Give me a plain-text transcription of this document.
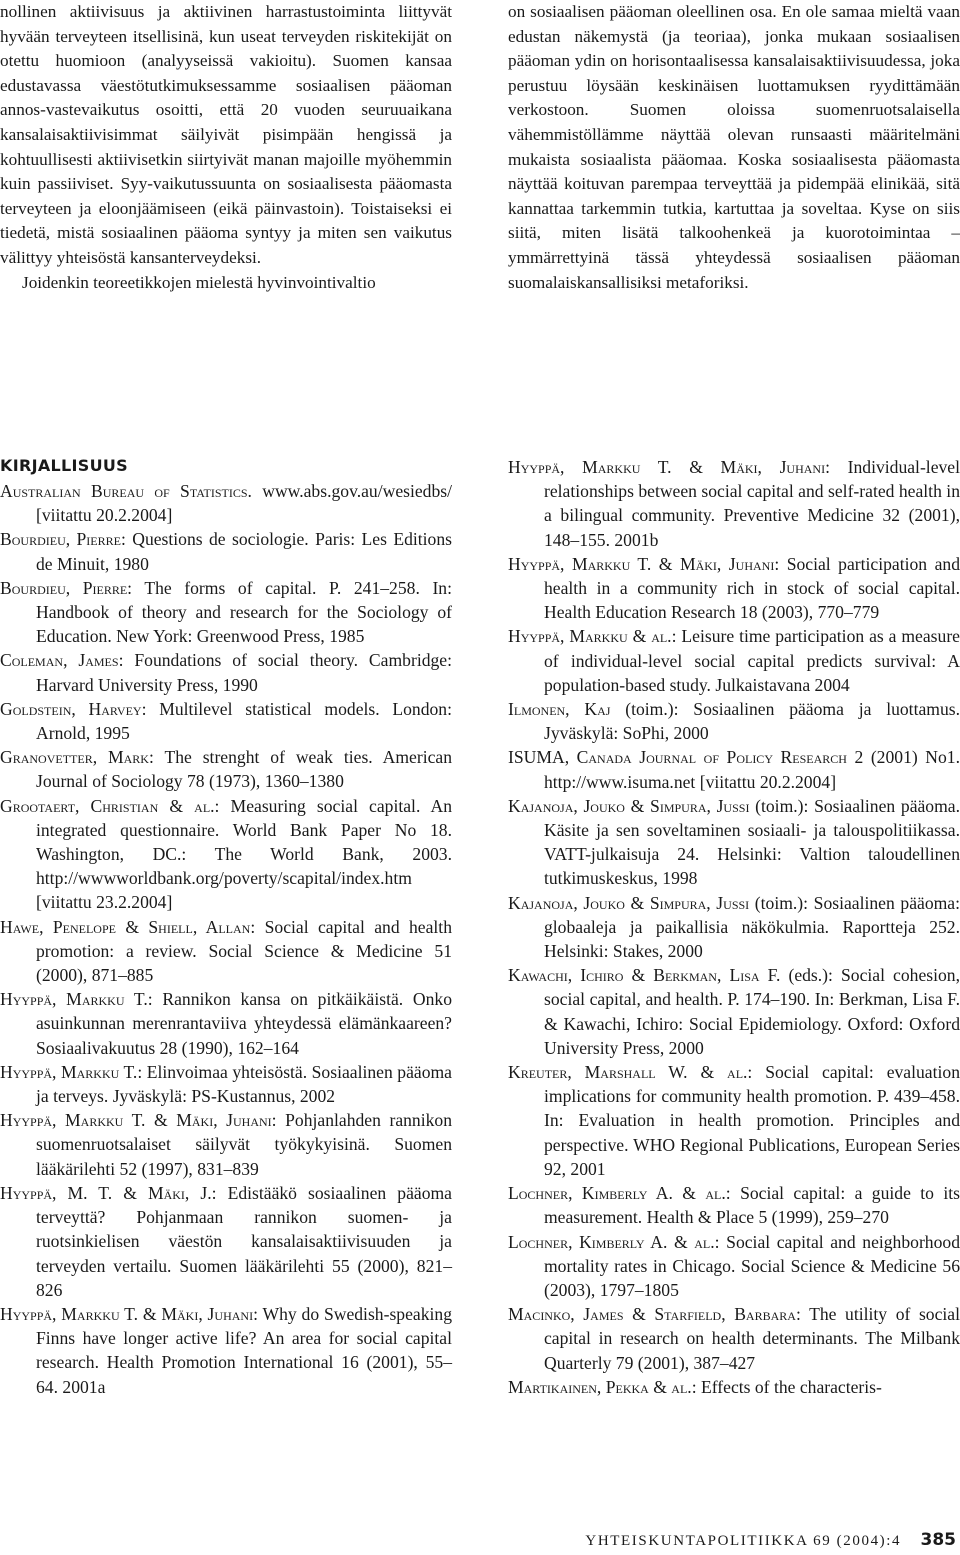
nollinen aktiivisuus ja aktiivinen harrastustoiminta liittyvät hyvään terveyteen itsellisinä, kun useat terveyden riskitekijät on otettu huomioon (analyyseissä vakioitu). Suomen kansaa edustavassa väestötutkimuksessamme sosiaalisen pääoman annos-vastevaikutus osoitti, että 20 vuoden seuruuaikana kansalaisaktiivisimmat säilyivät pisimpään hengissä ja kohtuullisesti aktiivisetkin siirtyivät manan majoille myöhemmin kuin passiiviset. Syy-vaikutussuunta on sosiaalisesta pääomasta terveyteen ja eloonjäämiseen (eikä päinvastoin). Toistaiseksi ei tiedetä, mistä sosiaalinen pääoma syntyy ja miten sen vaikutus välittyy yhteisöstä kansanterveydeksi.

Joidenkin teoreetikkojen mielestä hyvinvointivaltio

on sosiaalisen pääoman oleellinen osa. En ole samaa mieltä vaan edustan näkemystä (ja teoriaa), jonka mukaan sosiaalisen pääoman ydin on horisontaalisessa kansalaisaktiivisuudessa, joka perustuu löysään keskinäisen luottamuksen ryydittämään verkostoon. Suomen oloissa suomenruotsalaisella vähemmistöllämme näyttää olevan runsaasti määritelmäni mukaista sosiaalista pääomaa. Koska sosiaalisesta pääomasta näyttää koituvan parempaa terveyttää ja pidempää elinikää, sitä kannattaa tarkemmin tutkia, kartuttaa ja soveltaa. Kyse on siis siitä, miten lisätä talkoohenkeä ja kuorotoimintaa – ymmärrettyinä tässä yhteydessä sosiaalisen pääoman suomalaiskansallisiksi metaforiksi.

KIRJALLISUUS

Australian Bureau of Statistics. www.abs.gov.au/wesiedbs/ [viitattu 20.2.2004]

Bourdieu, Pierre: Questions de sociologie. Paris: Les Editions de Minuit, 1980

Bourdieu, Pierre: The forms of capital. P. 241–258. In: Handbook of theory and research for the Sociology of Education. New York: Greenwood Press, 1985

Coleman, James: Foundations of social theory. Cambridge: Harvard University Press, 1990

Goldstein, Harvey: Multilevel statistical models. London: Arnold, 1995

Granovetter, Mark: The strenght of weak ties. American Journal of Sociology 78 (1973), 1360–1380

Grootaert, Christian & al.: Measuring social capital. An integrated questionnaire. World Bank Paper No 18. Washington, DC.: The World Bank, 2003. http://wwwworldbank.org/poverty/scapital/index.htm [viitattu 23.2.2004]

Hawe, Penelope & Shiell, Allan: Social capital and health promotion: a review. Social Science & Medicine 51 (2000), 871–885

Hyyppä, Markku T.: Rannikon kansa on pitkäikäistä. Onko asuinkunnan merenrantaviiva yhteydessä elämänkaareen? Sosiaalivakuutus 28 (1990), 162–164

Hyyppä, Markku T.: Elinvoimaa yhteisöstä. Sosiaalinen pääoma ja terveys. Jyväskylä: PS-Kustannus, 2002

Hyyppä, Markku T. & Mäki, Juhani: Pohjanlahden rannikon suomenruotsalaiset säilyvät työkykyisinä. Suomen lääkärilehti 52 (1997), 831–839

Hyyppä, M. T. & Mäki, J.: Edistääkö sosiaalinen pääoma terveyttä? Pohjanmaan rannikon suomen- ja ruotsinkielisen väestön kansalaisaktiivisuuden ja terveyden vertailu. Suomen lääkärilehti 55 (2000), 821–826

Hyyppä, Markku T. & Mäki, Juhani: Why do Swedish-speaking Finns have longer active life? An area for social capital research. Health Promotion International 16 (2001), 55–64. 2001a

Hyyppä, Markku T. & Mäki, Juhani: Individual-level relationships between social capital and self-rated health in a bilingual community. Preventive Medicine 32 (2001), 148–155. 2001b

Hyyppä, Markku T. & Mäki, Juhani: Social participation and health in a community rich in stock of social capital. Health Education Research 18 (2003), 770–779

Hyyppä, Markku & al.: Leisure time participation as a measure of individual-level social capital predicts survival: A population-based study. Julkaistavana 2004

Ilmonen, Kaj (toim.): Sosiaalinen pääoma ja luottamus. Jyväskylä: SoPhi, 2000

ISUMA, Canada Journal of Policy Research 2 (2001) No1. http://www.isuma.net [viitattu 20.2.2004]

Kajanoja, Jouko & Simpura, Jussi (toim.): Sosiaalinen pääoma. Käsite ja sen soveltaminen sosiaali- ja talouspolitiikassa. VATT-julkaisuja 24. Helsinki: Valtion taloudellinen tutkimuskeskus, 1998

Kajanoja, Jouko & Simpura, Jussi (toim.): Sosiaalinen pääoma: globaaleja ja paikallisia näkökulmia. Raportteja 252. Helsinki: Stakes, 2000

Kawachi, Ichiro & Berkman, Lisa F. (eds.): Social cohesion, social capital, and health. P. 174–190. In: Berkman, Lisa F. & Kawachi, Ichiro: Social Epidemiology. Oxford: Oxford University Press, 2000

Kreuter, Marshall W. & al.: Social capital: evaluation implications for community health promotion. P. 439–458. In: Evaluation in health promotion. Principles and perspective. WHO Regional Publications, European Series 92, 2001

Lochner, Kimberly A. & al.: Social capital: a guide to its measurement. Health & Place 5 (1999), 259–270

Lochner, Kimberly A. & al.: Social capital and neighborhood mortality rates in Chicago. Social Science & Medicine 56 (2003), 1797–1805

Macinko, James & Starfield, Barbara: The utility of social capital in research on health determinants. The Milbank Quarterly 79 (2001), 387–427

Martikainen, Pekka & al.: Effects of the characteris-

YHTEISKUNTAPOLITIIKKA 69 (2004):4 385
